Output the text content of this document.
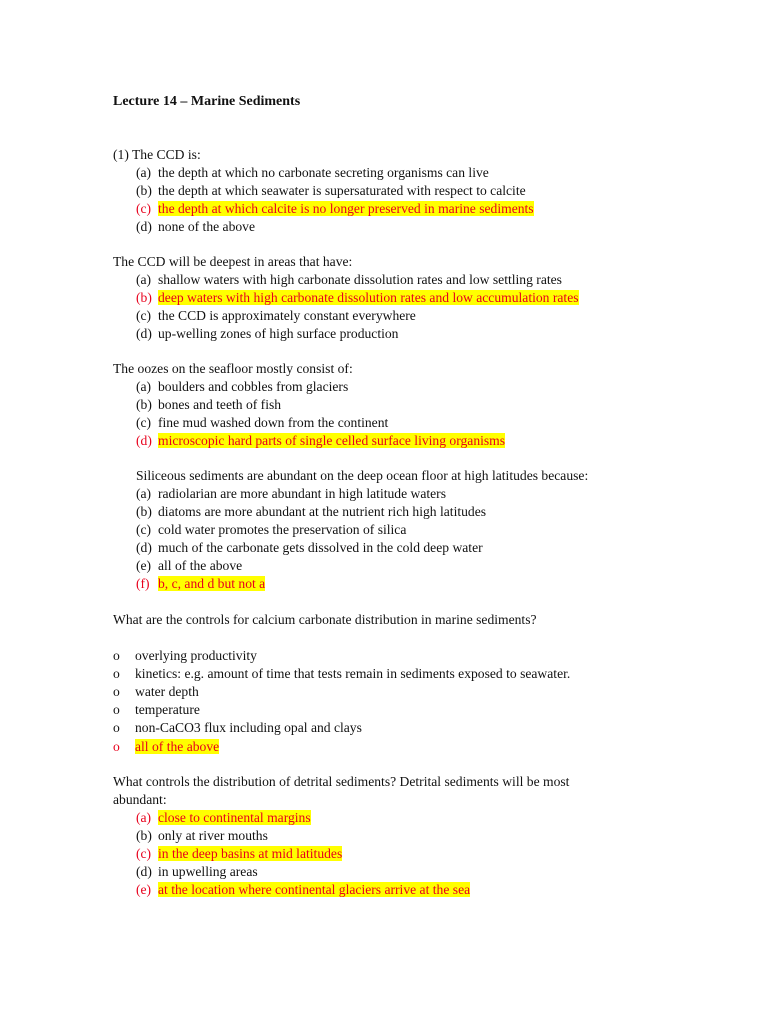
Lecture 14 – Marine Sediments
(1) The CCD is:
(a) the depth at which no carbonate secreting organisms can live
(b) the depth at which seawater is supersaturated with respect to calcite
(c) the depth at which calcite is no longer preserved in marine sediments
(d) none of the above
The CCD will be deepest in areas that have:
(a) shallow waters with high carbonate dissolution rates and low settling rates
(b) deep waters with high carbonate dissolution rates and low accumulation rates
(c) the CCD is approximately constant everywhere
(d) up-welling zones of high surface production
The oozes on the seafloor mostly consist of:
(a) boulders and cobbles from glaciers
(b) bones and teeth of fish
(c) fine mud washed down from the continent
(d) microscopic hard parts of single celled surface living organisms
Siliceous sediments are abundant on the deep ocean floor at high latitudes because:
(a) radiolarian are more abundant in high latitude waters
(b) diatoms are more abundant at the nutrient rich high latitudes
(c) cold water promotes the preservation of silica
(d) much of the carbonate gets dissolved in the cold deep water
(e) all of the above
(f) b, c, and d but not a
What are the controls for calcium carbonate distribution in marine sediments?
o overlying productivity
o kinetics: e.g. amount of time that tests remain in sediments exposed to seawater.
o water depth
o temperature
o non-CaCO3 flux including opal and clays
o all of the above
What controls the distribution of detrital sediments? Detrital sediments will be most
abundant:
(a) close to continental margins
(b) only at river mouths
(c) in the deep basins at mid latitudes
(d) in upwelling areas
(e) at the location where continental glaciers arrive at the sea
